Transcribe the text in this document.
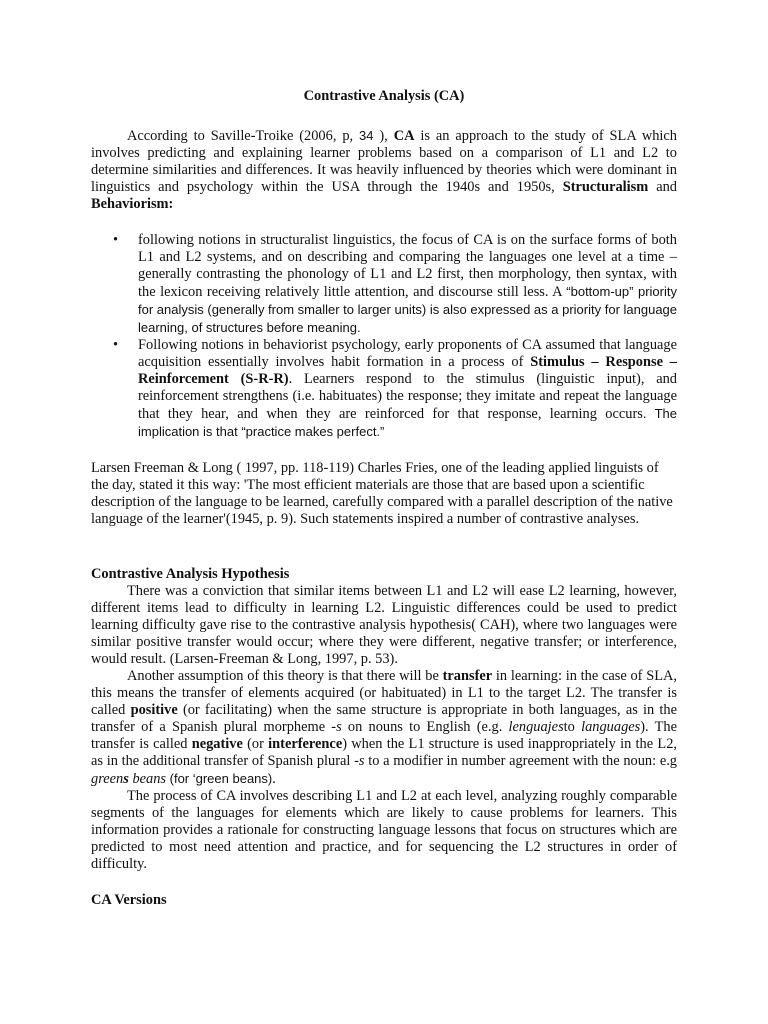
Contrastive Analysis (CA)

According to Saville-Troike (2006, p, 34 ), CA is an approach to the study of SLA which involves predicting and explaining learner problems based on a comparison of L1 and L2 to determine similarities and differences. It was heavily influenced by theories which were dominant in linguistics and psychology within the USA through the 1940s and 1950s, Structuralism and Behaviorism:

• following notions in structuralist linguistics, the focus of CA is on the surface forms of both L1 and L2 systems, and on describing and comparing the languages one level at a time – generally contrasting the phonology of L1 and L2 first, then morphology, then syntax, with the lexicon receiving relatively little attention, and discourse still less. A “bottom-up” priority for analysis (generally from smaller to larger units) is also expressed as a priority for language learning, of structures before meaning.
• Following notions in behaviorist psychology, early proponents of CA assumed that language acquisition essentially involves habit formation in a process of Stimulus – Response – Reinforcement (S-R-R). Learners respond to the stimulus (linguistic input), and reinforcement strengthens (i.e. habituates) the response; they imitate and repeat the language that they hear, and when they are reinforced for that response, learning occurs. The implication is that “practice makes perfect.”

Larsen Freeman & Long ( 1997, pp. 118-119) Charles Fries, one of the leading applied linguists of the day, stated it this way: 'The most efficient materials are those that are based upon a scientific description of the language to be learned, carefully compared with a parallel description of the native language of the learner'(1945, p. 9). Such statements inspired a number of contrastive analyses.

Contrastive Analysis Hypothesis

There was a conviction that similar items between L1 and L2 will ease L2 learning, however, different items lead to difficulty in learning L2. Linguistic differences could be used to predict learning difficulty gave rise to the contrastive analysis hypothesis( CAH), where two languages were similar positive transfer would occur; where they were different, negative transfer; or interference, would result. (Larsen-Freeman & Long, 1997, p. 53).

Another assumption of this theory is that there will be transfer in learning: in the case of SLA, this means the transfer of elements acquired (or habituated) in L1 to the target L2. The transfer is called positive (or facilitating) when the same structure is appropriate in both languages, as in the transfer of a Spanish plural morpheme -s on nouns to English (e.g. lenguajesto languages). The transfer is called negative (or interference) when the L1 structure is used inappropriately in the L2, as in the additional transfer of Spanish plural -s to a modifier in number agreement with the noun: e.g greens beans (for ‘green beans).

The process of CA involves describing L1 and L2 at each level, analyzing roughly comparable segments of the languages for elements which are likely to cause problems for learners. This information provides a rationale for constructing language lessons that focus on structures which are predicted to most need attention and practice, and for sequencing the L2 structures in order of difficulty.

CA Versions
